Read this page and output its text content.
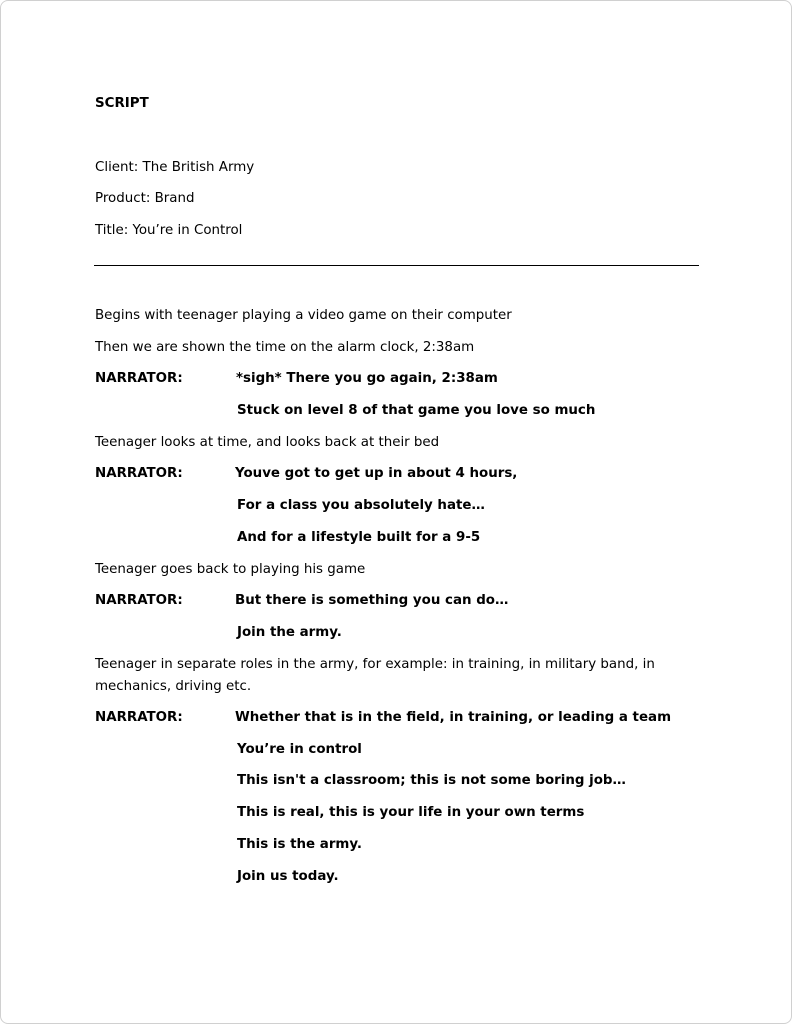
SCRIPT
Client: The British Army
Product: Brand
Title: You’re in Control
Begins with teenager playing a video game on their computer
Then we are shown the time on the alarm clock, 2:38am
NARRATOR:	*sigh* There you go again, 2:38am
Stuck on level 8 of that game you love so much
Teenager looks at time, and looks back at their bed
NARRATOR:	Youve got to get up in about 4 hours,
For a class you absolutely hate…
And for a lifestyle built for a 9-5
Teenager goes back to playing his game
NARRATOR:	But there is something you can do…
Join the army.
Teenager in separate roles in the army, for example: in training, in military band, in mechanics, driving etc.
NARRATOR:	Whether that is in the field, in training, or leading a team
You’re in control
This isn't a classroom; this is not some boring job…
This is real, this is your life in your own terms
This is the army.
Join us today.
